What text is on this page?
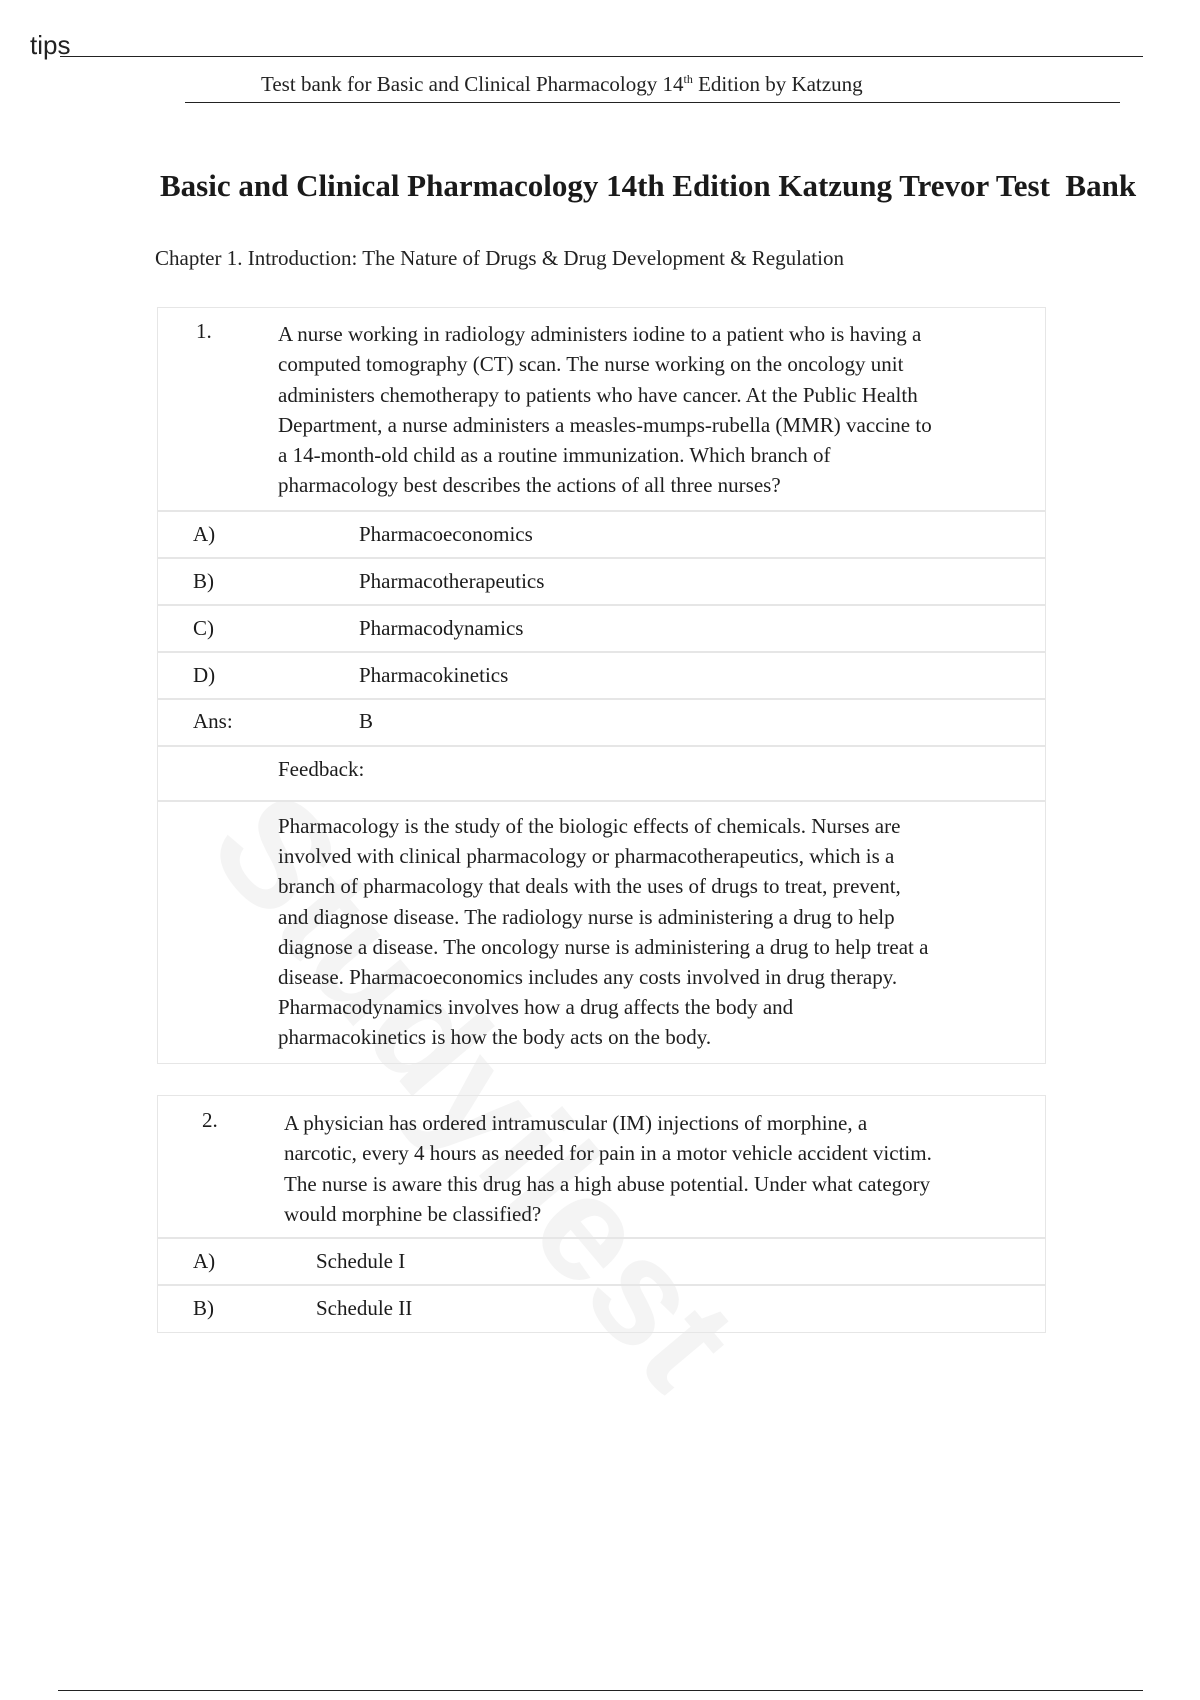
tips
Test bank for Basic and Clinical Pharmacology 14th Edition by Katzung
Basic and Clinical Pharmacology 14th Edition Katzung Trevor Test  Bank
Chapter 1. Introduction: The Nature of Drugs & Drug Development & Regulation
1.	A nurse working in radiology administers iodine to a patient who is having a
computed tomography (CT) scan. The nurse working on the oncology unit
administers chemotherapy to patients who have cancer. At the Public Health
Department, a nurse administers a measles-mumps-rubella (MMR) vaccine to
a 14-month-old child as a routine immunization. Which branch of
pharmacology best describes the actions of all three nurses?
A)	Pharmacoeconomics
B)	Pharmacotherapeutics
C)	Pharmacodynamics
D)	Pharmacokinetics
Ans:	B
Feedback:
Pharmacology is the study of the biologic effects of chemicals. Nurses are
involved with clinical pharmacology or pharmacotherapeutics, which is a
branch of pharmacology that deals with the uses of drugs to treat, prevent,
and diagnose disease. The radiology nurse is administering a drug to help
diagnose a disease. The oncology nurse is administering a drug to help treat a
disease. Pharmacoeconomics includes any costs involved in drug therapy.
Pharmacodynamics involves how a drug affects the body and
pharmacokinetics is how the body acts on the body.
2.	A physician has ordered intramuscular (IM) injections of morphine, a
narcotic, every 4 hours as needed for pain in a motor vehicle accident victim.
The nurse is aware this drug has a high abuse potential. Under what category
would morphine be classified?
A)	Schedule I
B)	Schedule II
